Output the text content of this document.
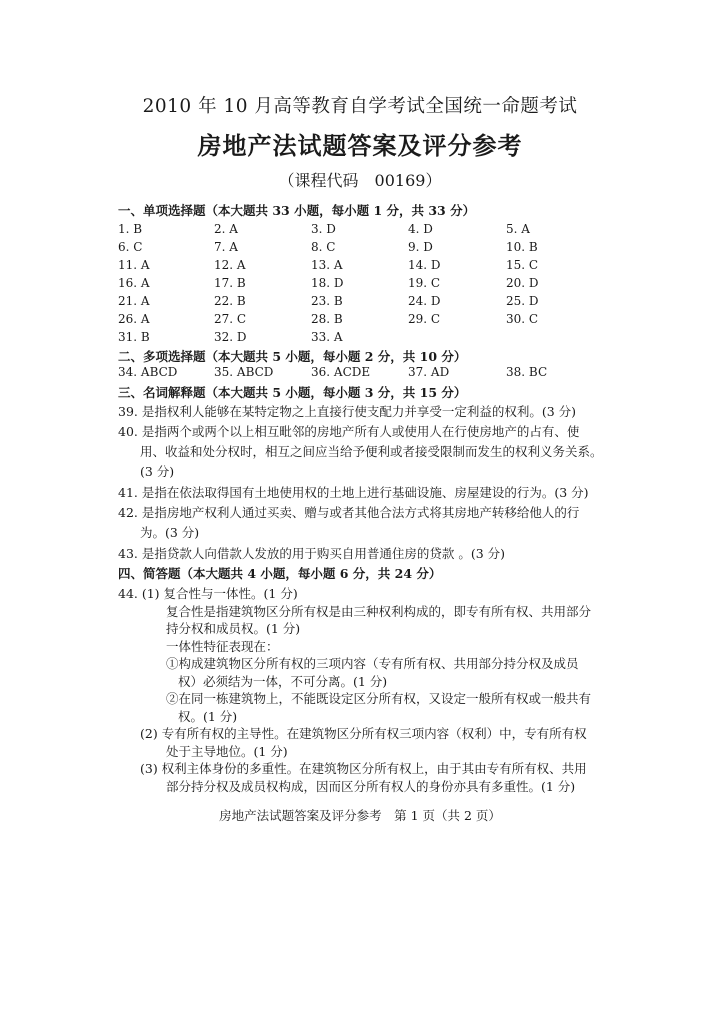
2010 年 10 月高等教育自学考试全国统一命题考试
房地产法试题答案及评分参考
（课程代码　00169）
一、单项选择题（本大题共 33 小题，每小题 1 分，共 33 分）
1. B	2. A	3. D	4. D	5. A
6. C	7. A	8. C	9. D	10. B
11. A	12. A	13. A	14. D	15. C
16. A	17. B	18. D	19. C	20. D
21. A	22. B	23. B	24. D	25. D
26. A	27. C	28. B	29. C	30. C
31. B	32. D	33. A
二、多项选择题（本大题共 5 小题，每小题 2 分，共 10 分）
34. ABCD	35. ABCD	36. ACDE	37. AD	38. BC
三、名词解释题（本大题共 5 小题，每小题 3 分，共 15 分）
39. 是指权利人能够在某特定物之上直接行使支配力并享受一定利益的权利。(3 分)
40. 是指两个或两个以上相互毗邻的房地产所有人或使用人在行使房地产的占有、使
用、收益和处分权时，相互之间应当给予便利或者接受限制而发生的权利义务关系。
(3 分)
41. 是指在依法取得国有土地使用权的土地上进行基础设施、房屋建设的行为。(3 分)
42. 是指房地产权利人通过买卖、赠与或者其他合法方式将其房地产转移给他人的行
为。(3 分)
43. 是指贷款人向借款人发放的用于购买自用普通住房的贷款 。(3 分)
四、简答题（本大题共 4 小题，每小题 6 分，共 24 分）
44. (1) 复合性与一体性。(1 分)
复合性是指建筑物区分所有权是由三种权利构成的，即专有所有权、共用部分
持分权和成员权。(1 分)
一体性特征表现在：
①构成建筑物区分所有权的三项内容（专有所有权、共用部分持分权及成员
权）必须结为一体，不可分离。(1 分)
②在同一栋建筑物上，不能既设定区分所有权，又设定一般所有权或一般共有
权。(1 分)
(2) 专有所有权的主导性。在建筑物区分所有权三项内容（权利）中，专有所有权
处于主导地位。(1 分)
(3) 权利主体身份的多重性。在建筑物区分所有权上，由于其由专有所有权、共用
部分持分权及成员权构成，因而区分所有权人的身份亦具有多重性。(1 分)
房地产法试题答案及评分参考　第 1 页（共 2 页）
